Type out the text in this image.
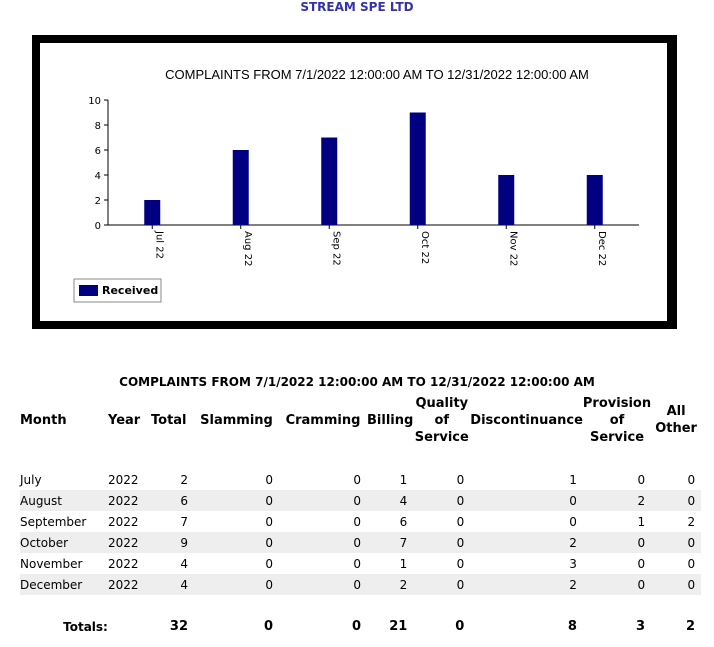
STREAM SPE LTD
COMPLAINTS FROM 7/1/2022 12:00:00 AM TO 12/31/2022 12:00:00 AM
0
2
4
6
8
10
Jul 22	Aug 22	Sep 22	Oct 22	Nov 22	Dec 22
Received
COMPLAINTS FROM 7/1/2022 12:00:00 AM TO 12/31/2022 12:00:00 AM
Month	Year	Total	Slamming	Cramming	Billing	Quality
of
Service	Discontinuance	Provision
of
Service	All
Other

July	2022	2	0	0	1	0	1	0	0
August	2022	6	0	0	4	0	0	2	0
September	2022	7	0	0	6	0	0	1	2
October	2022	9	0	0	7	0	2	0	0
November	2022	4	0	0	1	0	3	0	0
December	2022	4	0	0	2	0	2	0	0

Totals:		32	0	0	21	0	8	3	2
